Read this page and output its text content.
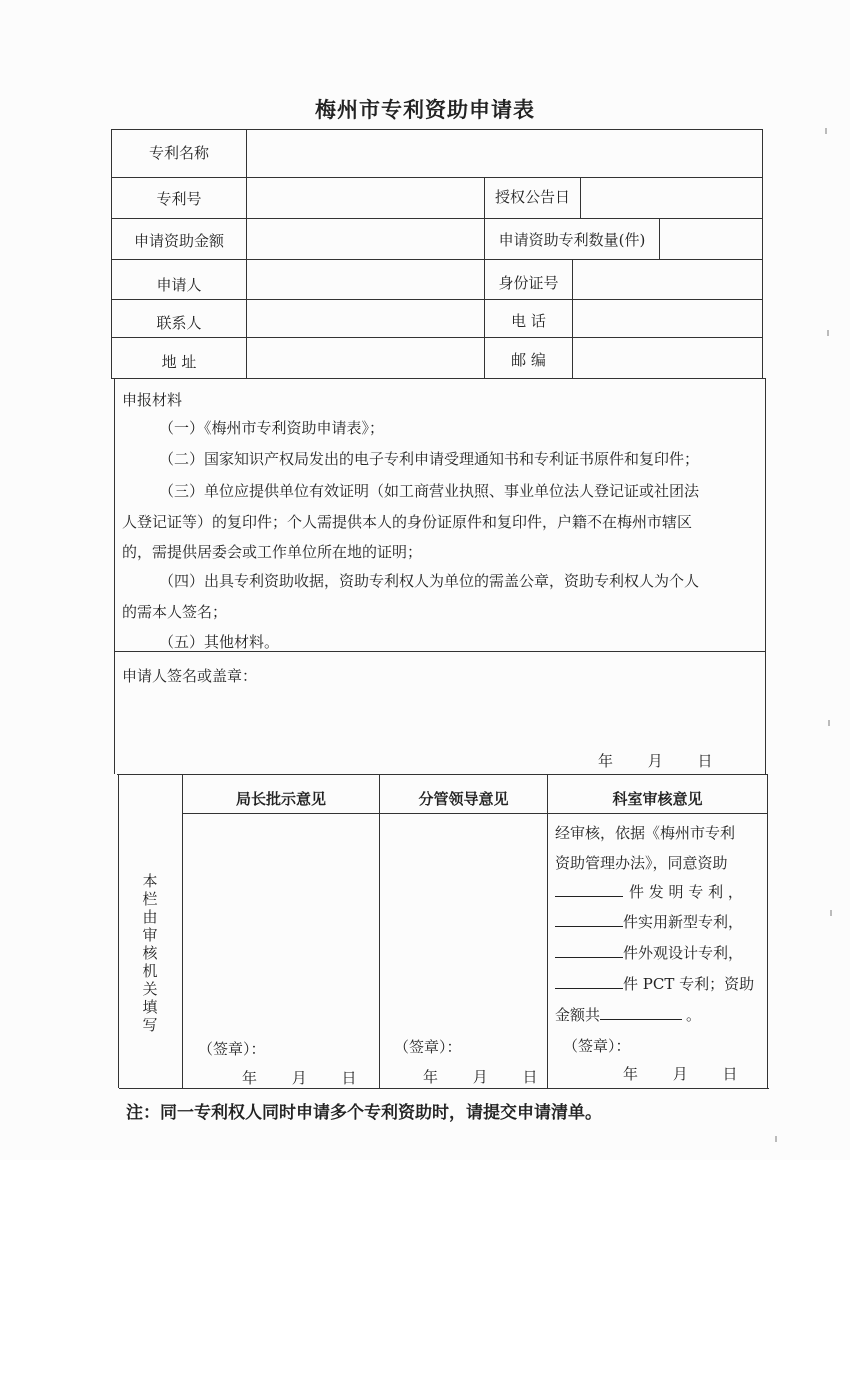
梅州市专利资助申请表
专利名称
专利号	授权公告日
申请资助金额	申请资助专利数量(件)
申请人	身份证号
联系人	电 话
地 址	邮 编
申报材料
（一）《梅州市专利资助申请表》；
（二）国家知识产权局发出的电子专利申请受理通知书和专利证书原件和复印件；
（三）单位应提供单位有效证明（如工商营业执照、事业单位法人登记证或社团法
人登记证等）的复印件；个人需提供本人的身份证原件和复印件，户籍不在梅州市辖区
的，需提供居委会或工作单位所在地的证明；
（四）出具专利资助收据，资助专利权人为单位的需盖公章，资助专利权人为个人
的需本人签名；
（五）其他材料。
申请人签名或盖章：
年　　 月　　 日
本栏由审核机关填写
局长批示意见	分管领导意见	科室审核意见
经审核，依据《梅州市专利
资助管理办法》，同意资助
件 发 明 专 利 ，
件实用新型专利，
件外观设计专利，
件 PCT 专利；资助
金额共	。
（签章）：	（签章）：	（签章）：
年　　 月　　 日	年　　 月　　 日	年　　 月　　 日
注：同一专利权人同时申请多个专利资助时，请提交申请清单。
